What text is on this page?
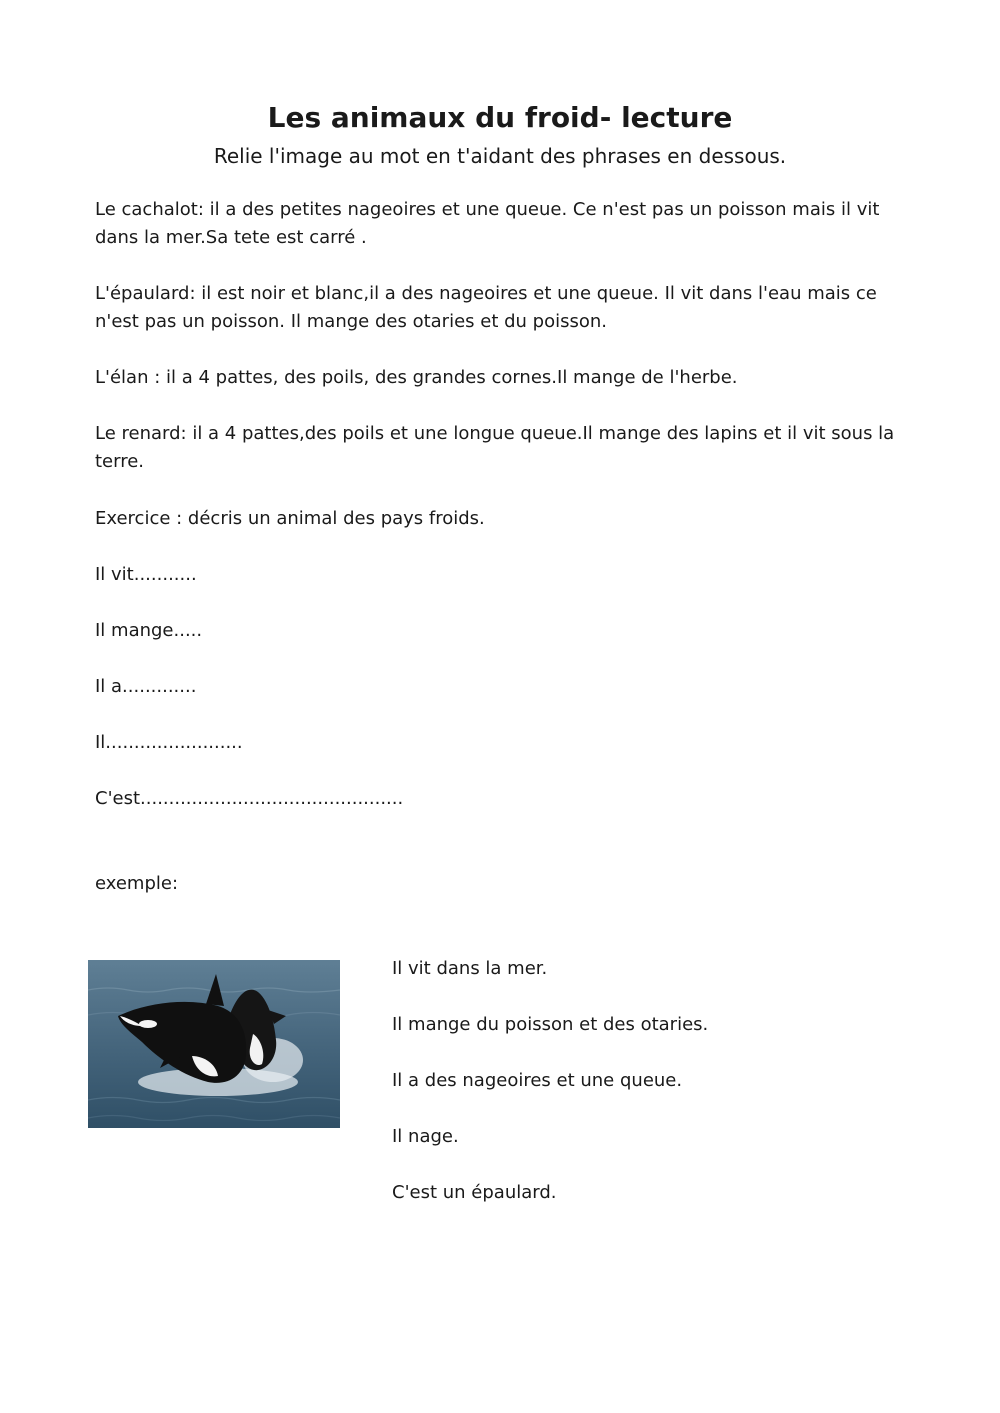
Les animaux du froid- lecture

Relie l'image au mot en t'aidant des phrases en dessous.

Le cachalot: il a des petites nageoires et une queue. Ce n'est pas un poisson mais il vit dans la mer.Sa tete est carré .

L'épaulard: il est noir et blanc,il a des nageoires et une queue. Il vit dans l'eau mais ce n'est pas un poisson. Il mange des otaries et du poisson.

L'élan : il a 4 pattes, des poils, des grandes cornes.Il mange de l'herbe.

Le renard: il a 4 pattes,des poils et une longue queue.Il mange des lapins et il vit sous la terre.

Exercice : décris un animal des pays froids.

Il vit...........

Il mange.....

Il a.............

Il........................

C'est..............................................

exemple:

Il vit dans la mer.

Il mange du poisson et des otaries.

Il a des nageoires et une queue.

Il nage.

C'est un épaulard.
